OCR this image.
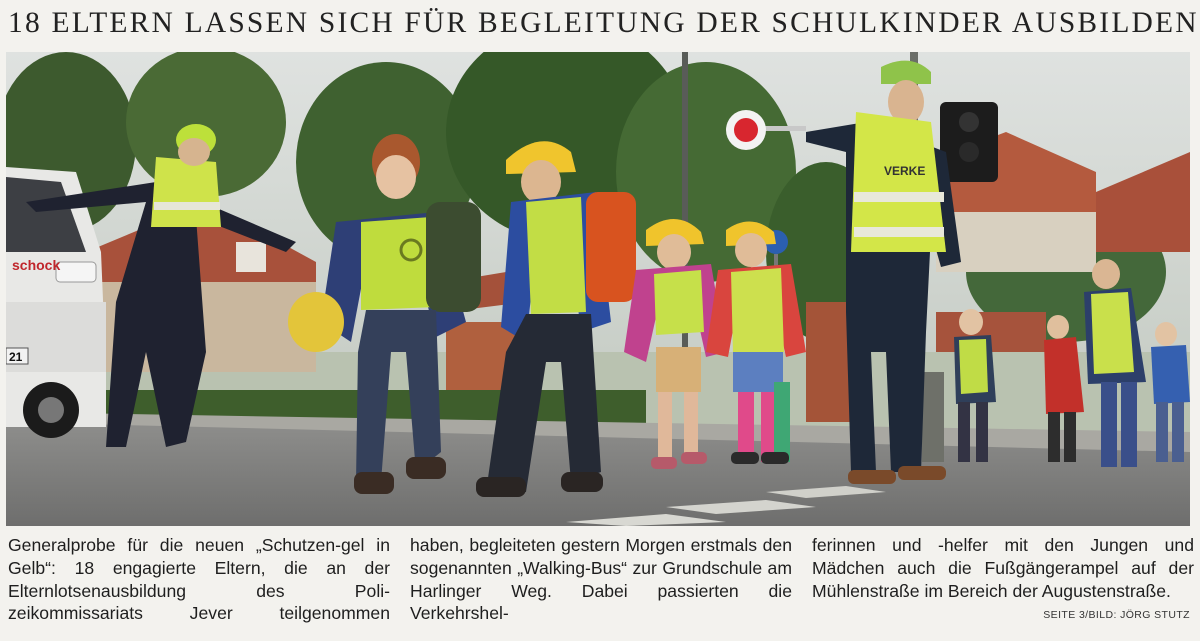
18 ELTERN LASSEN SICH FÜR BEGLEITUNG DER SCHULKINDER AUSBILDEN
schock
21
VERKE
Generalprobe für die neuen „Schutzen-gel in Gelb“: 18 engagierte Eltern, die an der Elternlotsenausbildung des Poli-zeikommissariats Jever teilgenommen
haben, begleiteten gestern Morgen erstmals den sogenannten „Walking-Bus“ zur Grundschule am Harlinger Weg. Dabei passierten die Verkehrshel-
ferinnen und -helfer mit den Jungen und Mädchen auch die Fußgängerampel auf der Mühlenstraße im Bereich der Augustenstraße.
SEITE 3/BILD: JÖRG STUTZ
